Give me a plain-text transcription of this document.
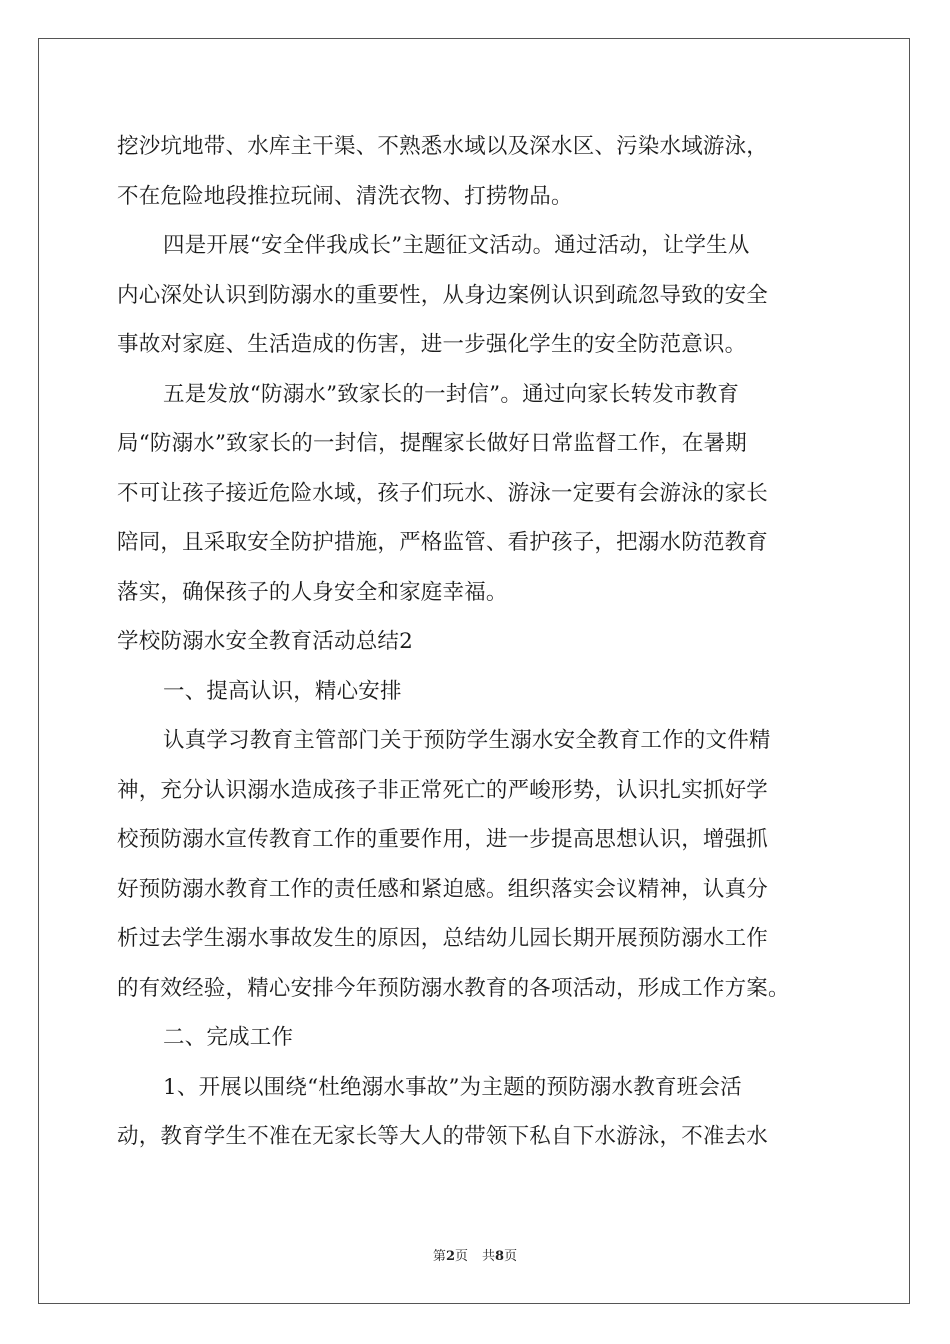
挖沙坑地带、水库主干渠、不熟悉水域以及深水区、污染水域游泳，
不在危险地段推拉玩闹、清洗衣物、打捞物品。
四是开展“安全伴我成长”主题征文活动。通过活动，让学生从
内心深处认识到防溺水的重要性，从身边案例认识到疏忽导致的安全
事故对家庭、生活造成的伤害，进一步强化学生的安全防范意识。
五是发放“防溺水”致家长的一封信”。通过向家长转发市教育
局“防溺水”致家长的一封信，提醒家长做好日常监督工作，在暑期
不可让孩子接近危险水域，孩子们玩水、游泳一定要有会游泳的家长
陪同，且采取安全防护措施，严格监管、看护孩子，把溺水防范教育
落实，确保孩子的人身安全和家庭幸福。
学校防溺水安全教育活动总结2
一、提高认识，精心安排
认真学习教育主管部门关于预防学生溺水安全教育工作的文件精
神，充分认识溺水造成孩子非正常死亡的严峻形势，认识扎实抓好学
校预防溺水宣传教育工作的重要作用，进一步提高思想认识，增强抓
好预防溺水教育工作的责任感和紧迫感。组织落实会议精神，认真分
析过去学生溺水事故发生的原因，总结幼儿园长期开展预防溺水工作
的有效经验，精心安排今年预防溺水教育的各项活动，形成工作方案。
二、完成工作
1、开展以围绕“杜绝溺水事故”为主题的预防溺水教育班会活
动，教育学生不准在无家长等大人的带领下私自下水游泳，不准去水
第2页 共8页
